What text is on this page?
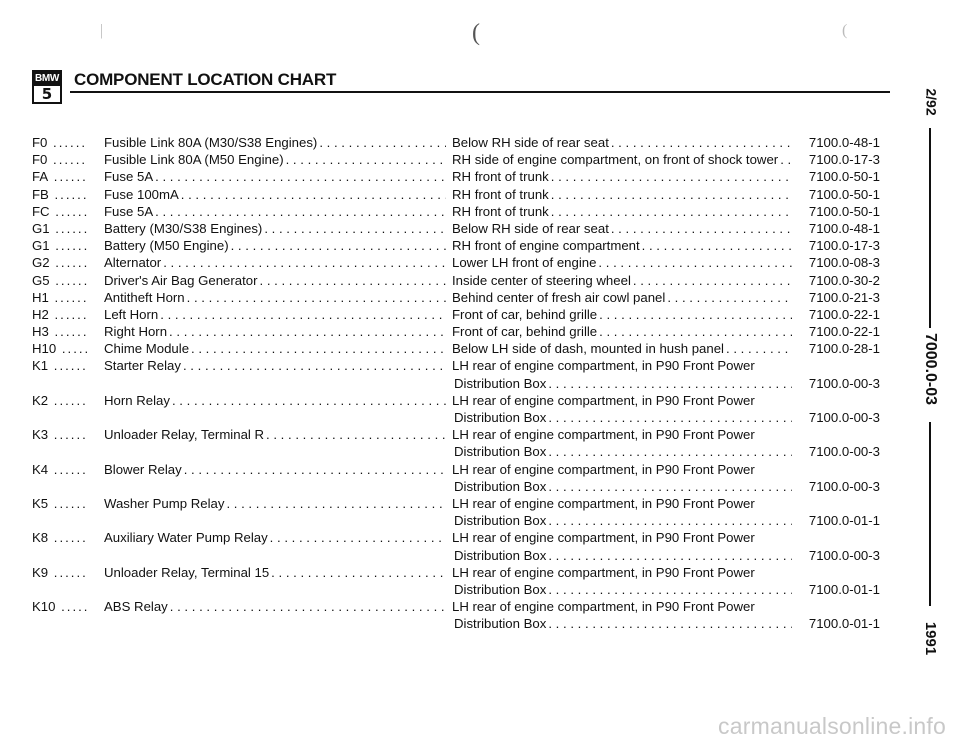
|	(	(
BMW
5
COMPONENT LOCATION CHART
F0 ......	Fusible Link 80A (M30/S38 Engines) . . .	Below RH side of rear seat . . .	7100.0-48-1
F0 ......	Fusible Link 80A (M50 Engine) . . .	RH side of engine compartment, on front of shock tower . . .	7100.0-17-3
FA ......	Fuse 5A . . .	RH front of trunk . . .	7100.0-50-1
FB ......	Fuse 100mA . . .	RH front of trunk . . .	7100.0-50-1
FC ......	Fuse 5A . . .	RH front of trunk . . .	7100.0-50-1
G1 ......	Battery (M30/S38 Engines) . . .	Below RH side of rear seat . . .	7100.0-48-1
G1 ......	Battery (M50 Engine) . . .	RH front of engine compartment . . .	7100.0-17-3
G2 ......	Alternator . . .	Lower LH front of engine . . .	7100.0-08-3
G5 ......	Driver's Air Bag Generator . . .	Inside center of steering wheel . . .	7100.0-30-2
H1 ......	Antitheft Horn . . .	Behind center of fresh air cowl panel . . .	7100.0-21-3
H2 ......	Left Horn . . .	Front of car, behind grille . . .	7100.0-22-1
H3 ......	Right Horn . . .	Front of car, behind grille . . .	7100.0-22-1
H10 .....	Chime Module . . .	Below LH side of dash, mounted in hush panel . . .	7100.0-28-1
K1 ......	Starter Relay . . .	LH rear of engine compartment, in P90 Front Power
Distribution Box . . .	7100.0-00-3
K2 ......	Horn Relay . . .	LH rear of engine compartment, in P90 Front Power
Distribution Box . . .	7100.0-00-3
K3 ......	Unloader Relay, Terminal R . . .	LH rear of engine compartment, in P90 Front Power
Distribution Box . . .	7100.0-00-3
K4 ......	Blower Relay . . .	LH rear of engine compartment, in P90 Front Power
Distribution Box . . .	7100.0-00-3
K5 ......	Washer Pump Relay . . .	LH rear of engine compartment, in P90 Front Power
Distribution Box . . .	7100.0-01-1
K8 ......	Auxiliary Water Pump Relay . . .	LH rear of engine compartment, in P90 Front Power
Distribution Box . . .	7100.0-00-3
K9 ......	Unloader Relay, Terminal 15 . . .	LH rear of engine compartment, in P90 Front Power
Distribution Box . . .	7100.0-01-1
K10 .....	ABS Relay . . .	LH rear of engine compartment, in P90 Front Power
Distribution Box . . .	7100.0-01-1
2/92
7000.0-03
1991
carmanualsonline.info
